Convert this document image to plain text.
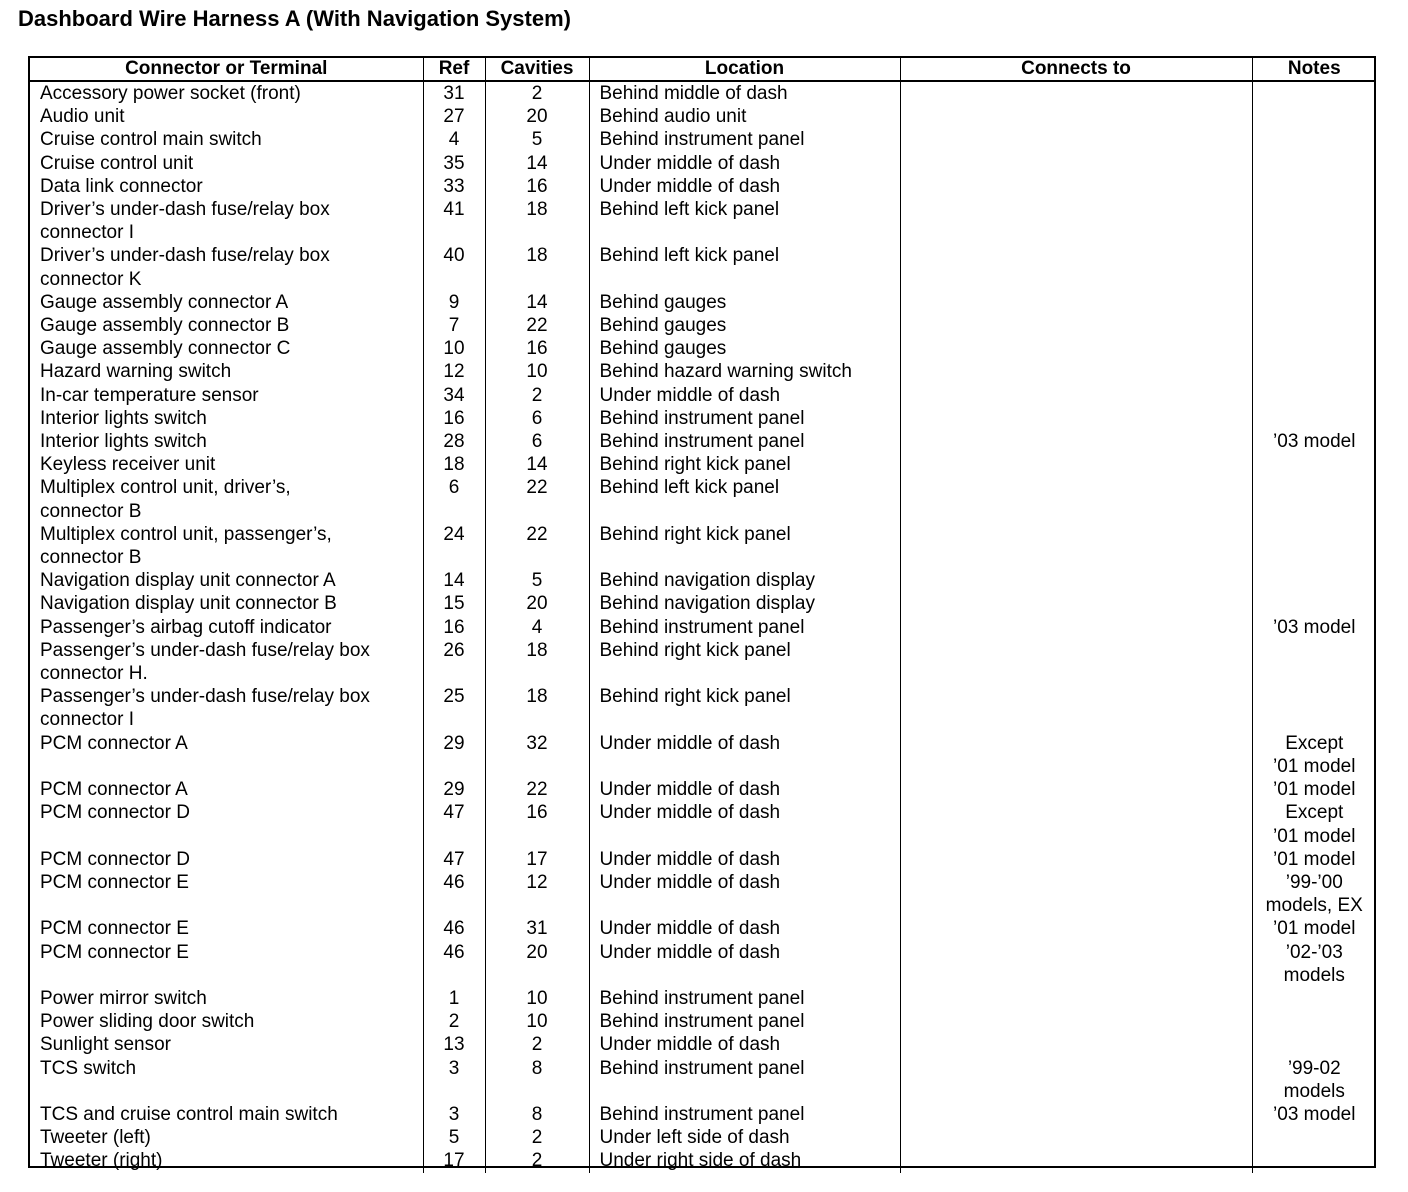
Dashboard Wire Harness A (With Navigation System)
Connector or Terminal	Ref	Cavities	Location	Connects to	Notes

Accessory power socket (front)	31	2	Behind middle of dash		

Audio unit	27	20	Behind audio unit		

Cruise control main switch	4	5	Behind instrument panel		

Cruise control unit	35	14	Under middle of dash		

Data link connector	33	16	Under middle of dash		

Driver’s under-dash fuse/relay box
connector I	41	18	Behind left kick panel		

Driver’s under-dash fuse/relay box
connector K	40	18	Behind left kick panel		

Gauge assembly connector A	9	14	Behind gauges		

Gauge assembly connector B	7	22	Behind gauges		

Gauge assembly connector C	10	16	Behind gauges		

Hazard warning switch	12	10	Behind hazard warning switch		

In-car temperature sensor	34	2	Under middle of dash		

Interior lights switch	16	6	Behind instrument panel		

Interior lights switch	28	6	Behind instrument panel		’03 model

Keyless receiver unit	18	14	Behind right kick panel		

Multiplex control unit, driver’s,
connector B	6	22	Behind left kick panel		

Multiplex control unit, passenger’s,
connector B	24	22	Behind right kick panel		

Navigation display unit connector A	14	5	Behind navigation display		

Navigation display unit connector B	15	20	Behind navigation display		

Passenger’s airbag cutoff indicator	16	4	Behind instrument panel		’03 model

Passenger’s under-dash fuse/relay box
connector H.	26	18	Behind right kick panel		

Passenger’s under-dash fuse/relay box
connector I	25	18	Behind right kick panel		

PCM connector A	29	32	Under middle of dash		Except
’01 model

PCM connector A	29	22	Under middle of dash		’01 model

PCM connector D	47	16	Under middle of dash		Except
’01 model

PCM connector D	47	17	Under middle of dash		’01 model

PCM connector E	46	12	Under middle of dash		’99-’00
models, EX

PCM connector E	46	31	Under middle of dash		’01 model

PCM connector E	46	20	Under middle of dash		’02-’03
models

Power mirror switch	1	10	Behind instrument panel		

Power sliding door switch	2	10	Behind instrument panel		

Sunlight sensor	13	2	Under middle of dash		

TCS switch	3	8	Behind instrument panel		’99-02
models

TCS and cruise control main switch	3	8	Behind instrument panel		’03 model

Tweeter (left)	5	2	Under left side of dash		

Tweeter (right)	17	2	Under right side of dash		
